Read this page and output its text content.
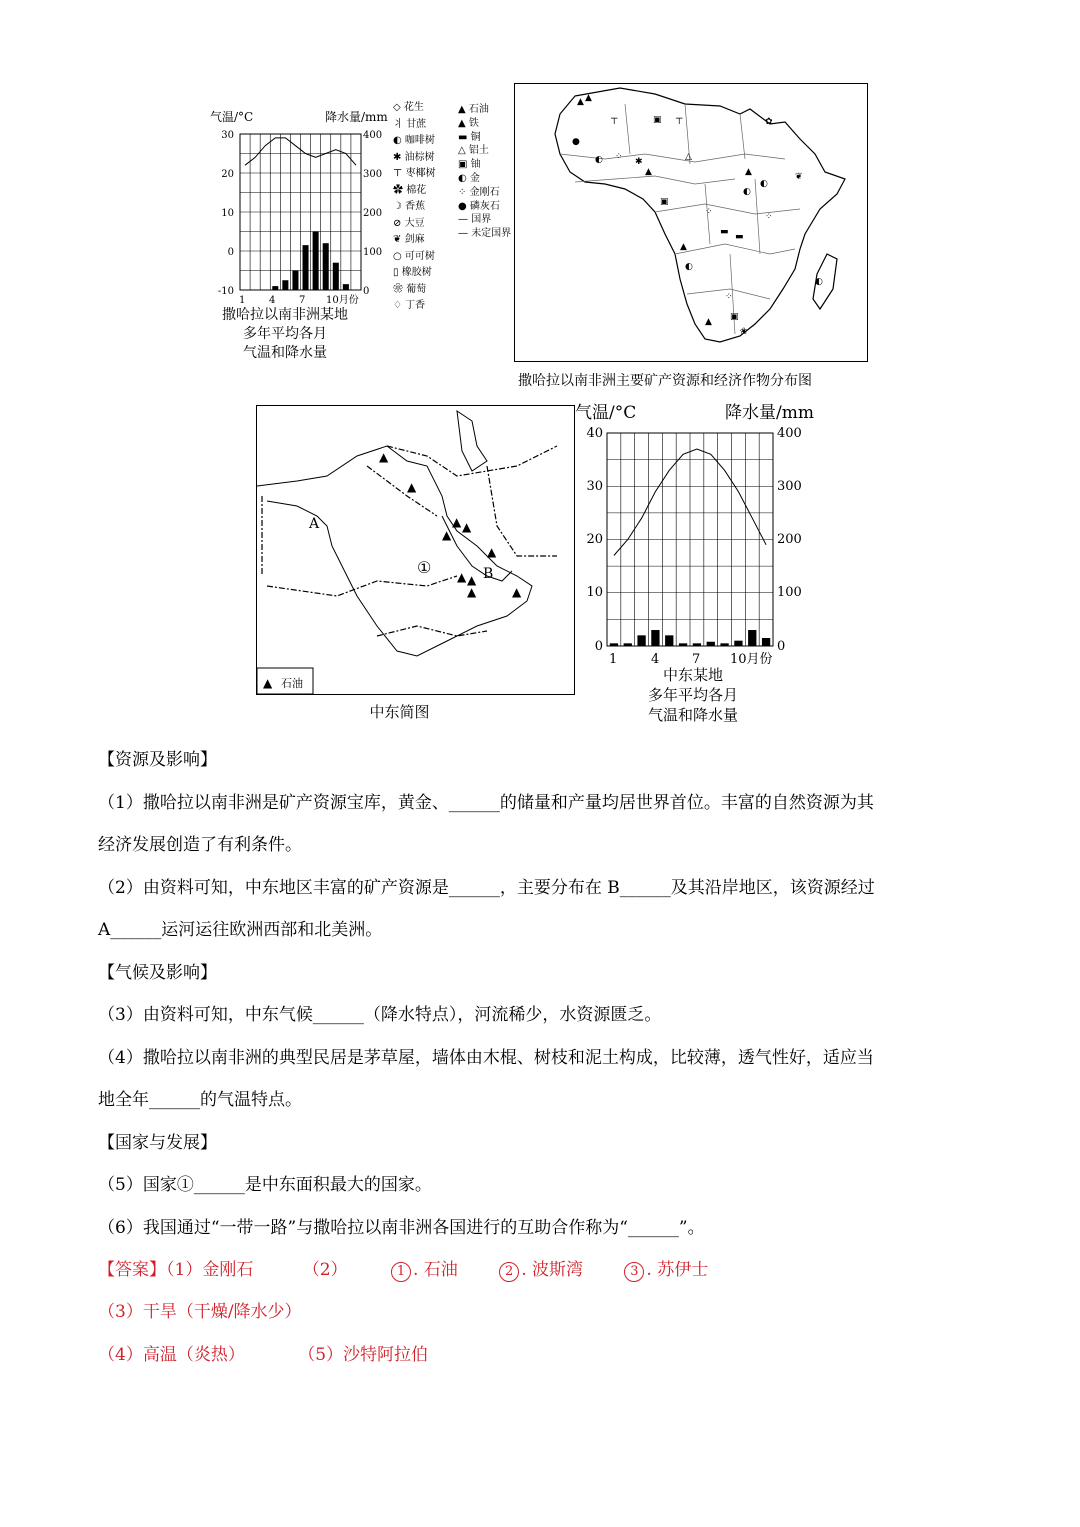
气温/°C	降水量/mm
30
20
10
0
-10
400
300
200
100
0
1 4 7 10月份
撒哈拉以南非洲某地
多年平均各月
气温和降水量
◇ 花生
⺦ 甘蔗
◐ 咖啡树
✱ 油棕树
⊤ 枣椰树
✿ 棉花
☽ 香蕉
⊘ 大豆
❦ 剑麻
○ 可可树
▯ 橡胶树
❀ 葡萄
♢ 丁香
▲ 石油
▲ 铁
▬ 铜
△ 铝土
▣ 铀
◐ 金
⁘ 金刚石
● 磷灰石
— 国界
— 未定国界
▲ ▲
⊤	▣ ⊤	✿
●
◐ ⁘ ✱	△
▲	▲
◐
◐
❦
▣
⁘
▬ ▬
▲
◐
⁘
◐
⁘
▲ ▣
❀
撒哈拉以南非洲主要矿产资源和经济作物分布图
▲
▲
▲ ▲
▲
▲
▲
▲
▲	▲
A
B
①
▲ 石油
中东简图
气温/°C	降水量/mm
40
30
20
10
0
400
300
200
100
0
1	4	7 10月份
中东某地
多年平均各月
气温和降水量
【资源及影响】
（1）撒哈拉以南非洲是矿产资源宝库，黄金、______的储量和产量均居世界首位。丰富的自然资源为其
经济发展创造了有利条件。
（2）由资料可知，中东地区丰富的矿产资源是______，主要分布在 B______及其沿岸地区，该资源经过
A______运河运往欧洲西部和北美洲。
【气候及影响】
（3）由资料可知，中东气候______（降水特点），河流稀少，水资源匮乏。
（4）撒哈拉以南非洲的典型民居是茅草屋，墙体由木棍、树枝和泥土构成，比较薄，透气性好，适应当
地全年______的气温特点。
【国家与发展】
（5）国家①______是中东面积最大的国家。
（6）我国通过“一带一路”与撒哈拉以南非洲各国进行的互助合作称为“______”。
【答案】（1）金刚石	（2）	1 . 石油	2 . 波斯湾	3 . 苏伊士
（3）干旱（干燥/降水少）
（4）高温（炎热）	（5）沙特阿拉伯
